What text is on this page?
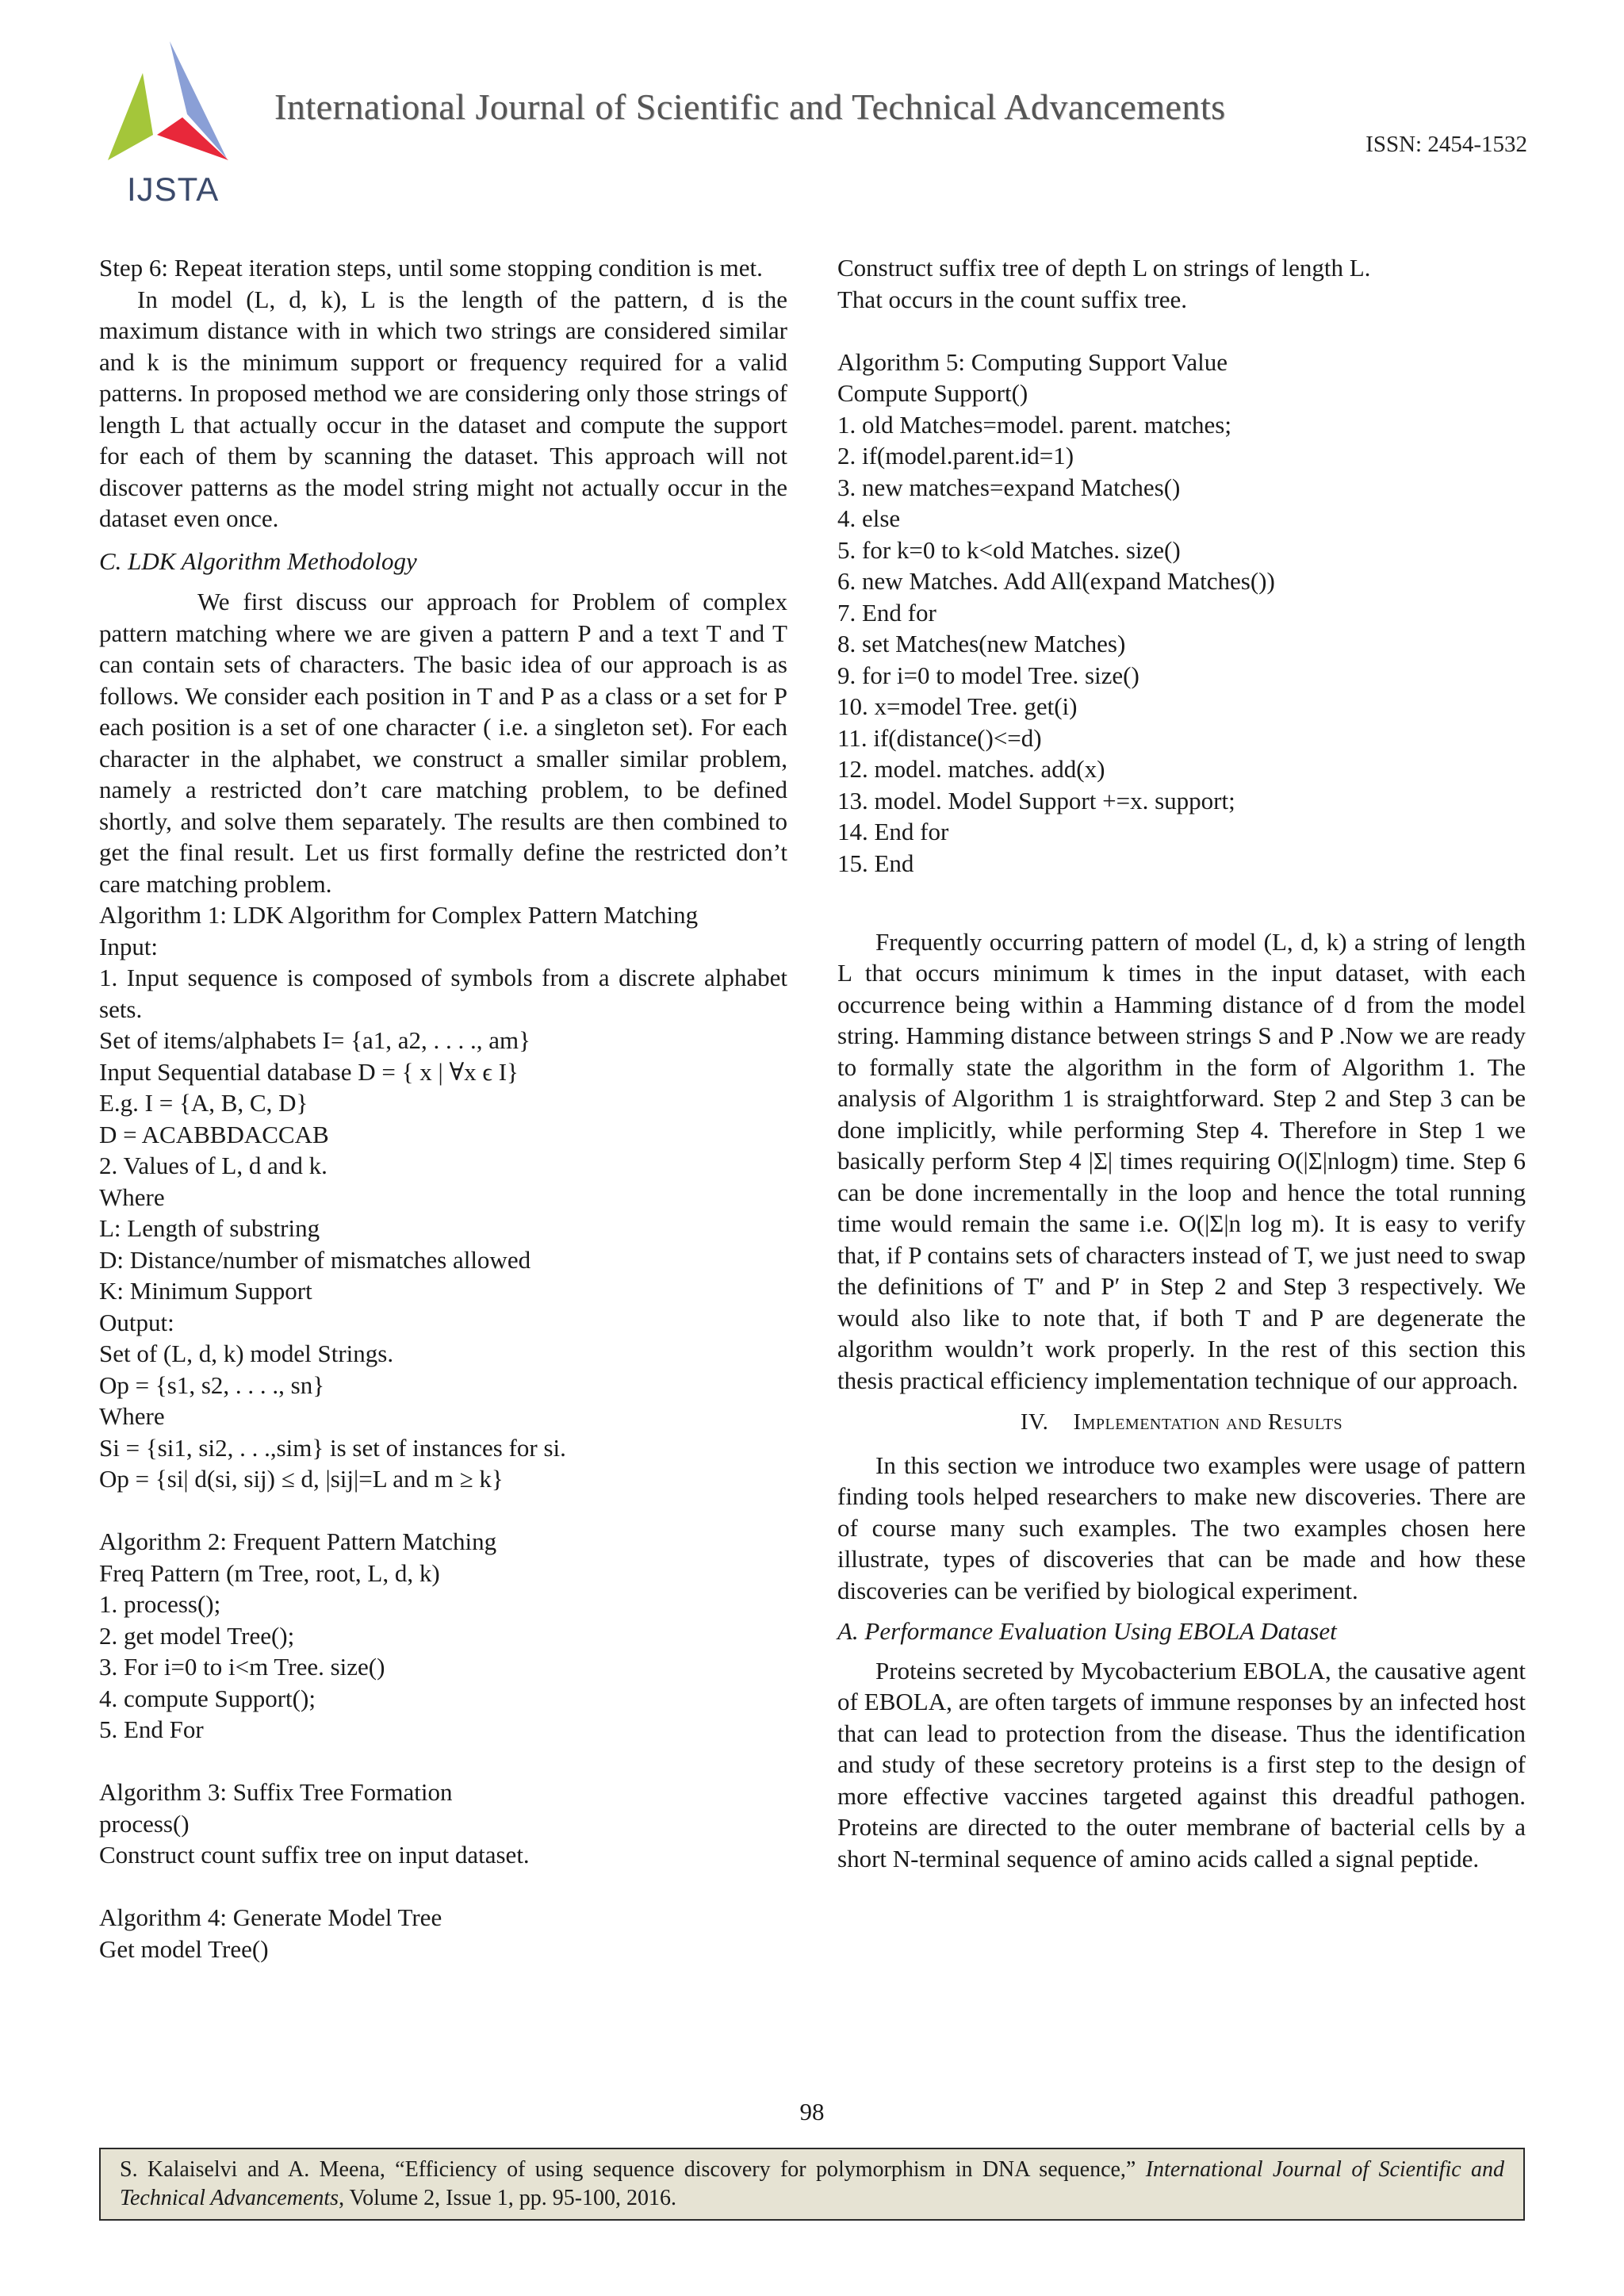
IJSTA
International Journal of Scientific and Technical Advancements
ISSN: 2454-1532

Step 6: Repeat iteration steps, until some stopping condition is met.

In model (L, d, k), L is the length of the pattern, d is the maximum distance with in which two strings are considered similar and k is the minimum support or frequency required for a valid patterns. In proposed method we are considering only those strings of length L that actually occur in the dataset and compute the support for each of them by scanning the dataset. This approach will not discover patterns as the model string might not actually occur in the dataset even once.

C. LDK Algorithm Methodology

We first discuss our approach for Problem of complex pattern matching where we are given a pattern P and a text T and T can contain sets of characters. The basic idea of our approach is as follows. We consider each position in T and P as a class or a set for P each position is a set of one character ( i.e. a singleton set). For each character in the alphabet, we construct a smaller similar problem, namely a restricted don’t care matching problem, to be defined shortly, and solve them separately. The results are then combined to get the final result. Let us first formally define the restricted don’t care matching problem.

Algorithm 1: LDK Algorithm for Complex Pattern Matching

Input:

1. Input sequence is composed of symbols from a discrete alphabet sets.

Set of items/alphabets I= {a1, a2, . . . ., am}

Input Sequential database D = { x | ∀x ϵ I}

E.g. I = {A, B, C, D}

D = ACABBDACCAB

2. Values of L, d and k.

Where

L: Length of substring

D: Distance/number of mismatches allowed

K: Minimum Support

Output:

Set of (L, d, k) model Strings.

Op = {s1, s2, . . . ., sn}

Where

Si = {si1, si2, . . .,sim} is set of instances for si.

Op = {si| d(si, sij) ≤ d, |sij|=L and m ≥ k}

Algorithm 2: Frequent Pattern Matching

Freq Pattern (m Tree, root, L, d, k)

1. process();

2. get model Tree();

3. For i=0 to i<m Tree. size()

4. compute Support();

5. End For

Algorithm 3: Suffix Tree Formation

process()

Construct count suffix tree on input dataset.

Algorithm 4: Generate Model Tree

Get model Tree()

Construct suffix tree of depth L on strings of length L.

That occurs in the count suffix tree.

Algorithm 5: Computing Support Value

Compute Support()

1. old Matches=model. parent. matches;

2. if(model.parent.id=1)

3. new matches=expand Matches()

4. else

5. for k=0 to k<old Matches. size()

6. new Matches. Add All(expand Matches())

7. End for

8. set Matches(new Matches)

9. for i=0 to model Tree. size()

10. x=model Tree. get(i)

11. if(distance()<=d)

12. model. matches. add(x)

13. model. Model Support +=x. support;

14. End for

15. End

Frequently occurring pattern of model (L, d, k) a string of length L that occurs minimum k times in the input dataset, with each occurrence being within a Hamming distance of d from the model string. Hamming distance between strings S and P .Now we are ready to formally state the algorithm in the form of Algorithm 1. The analysis of Algorithm 1 is straightforward. Step 2 and Step 3 can be done implicitly, while performing Step 4. Therefore in Step 1 we basically perform Step 4 |Σ| times requiring O(|Σ|nlogm) time. Step 6 can be done incrementally in the loop and hence the total running time would remain the same i.e. O(|Σ|n log m). It is easy to verify that, if P contains sets of characters instead of T, we just need to swap the definitions of T′ and P′ in Step 2 and Step 3 respectively. We would also like to note that, if both T and P are degenerate the algorithm wouldn’t work properly. In the rest of this section this thesis practical efficiency implementation technique of our approach.

IV. Implementation and Results

In this section we introduce two examples were usage of pattern finding tools helped researchers to make new discoveries. There are of course many such examples. The two examples chosen here illustrate, types of discoveries that can be made and how these discoveries can be verified by biological experiment.

A. Performance Evaluation Using EBOLA Dataset

Proteins secreted by Mycobacterium EBOLA, the causative agent of EBOLA, are often targets of immune responses by an infected host that can lead to protection from the disease. Thus the identification and study of these secretory proteins is a first step to the design of more effective vaccines targeted against this dreadful pathogen. Proteins are directed to the outer membrane of bacterial cells by a short N-terminal sequence of amino acids called a signal peptide.

98
S. Kalaiselvi and A. Meena, “Efficiency of using sequence discovery for polymorphism in DNA sequence,” International Journal of Scientific and Technical Advancements, Volume 2, Issue 1, pp. 95-100, 2016.
